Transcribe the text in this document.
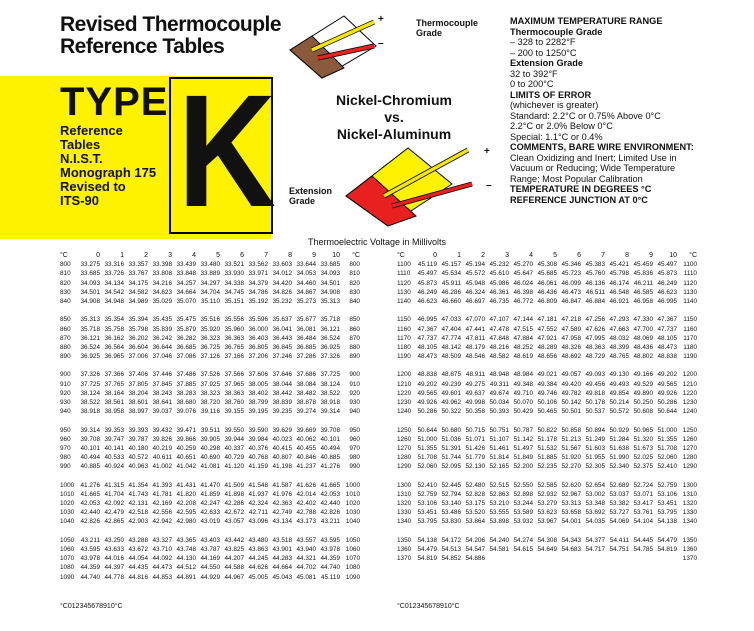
Revised Thermocouple
Reference Tables
TYPE
Reference
Tables
N.I.S.T.
Monograph 175
Revised to
ITS-90 K
+
–
Thermocouple
Grade
Nickel-Chromium
vs.
Nickel-Aluminum
+
–
Extension
Grade
MAXIMUM TEMPERATURE RANGE
Thermocouple Grade
– 328 to 2282°F
– 200 to 1250°C
Extension Grade
32 to 392°F
0 to 200°C
LIMITS OF ERROR
(whichever is greater)
Standard: 2.2°C or 0.75% Above 0°C
2.2°C or 2.0% Below 0°C
Special: 1.1°C or 0.4%
COMMENTS, BARE WIRE ENVIRONMENT:
Clean Oxidizing and Inert; Limited Use in
Vacuum or Reducing; Wide Temperature
Range; Most Popular Calibration
TEMPERATURE IN DEGREES °C
REFERENCE JUNCTION AT 0°C
Thermoelectric Voltage in Millivolts
°C	0	1	2	3	4	5	6	7	8	9	10	°C
800	33.275 33.316 33.357 33.398 33.439 33.480 33.521 33.562 33.603 33.644 33.685	800
810	33.685 33.726 33.767 33.808 33.848 33.889 33.930 33.971 34.012 34.053 34.093	810
820	34.093 34.134 34.175 34.216 34.257 34.297 34.338 34.379 34.420 34.460 34.501	820
830	34.501 34.542 34.582 34.623 34.664 34.704 34.745 34.786 34.826 34.867 34.908	830
840	34.908 34.948 34.989 35.029 35.070 35.110 35.151 35.192 35.232 35.273 35.313	840
850	35.313 35.354 35.394 35.435 35.475 35.516 35.556 35.596 35.637 35.677 35.718	850
860	35.718 35.758 35.798 35.839 35.879 35.920 35.960 36.000 36.041 36.081 36.121	860
870	36.121 36.162 36.202 36.242 36.282 36.323 36.363 36.403 36.443 36.484 36.524	870
880	36.524 36.564 36.604 36.644 36.685 36.725 36.765 36.805 36.845 36.885 36.925	880
890	36.925 36.965 37.006 37.046 37.086 37.126 37.166 37.206 37.246 37.286 37.326	890
900	37.326 37.366 37.406 37.446 37.486 37.526 37.566 37.606 37.646 37.686 37.725	900
910	37.725 37.765 37.805 37.845 37.885 37.925 37.965 38.005 38.044 38.084 38.124	910
920	38.124 38.164 38.204 38.243 38.283 38.323 38.363 38.402 38.442 38.482 38.522	920
930	38.522 38.561 38.601 38.641 38.680 38.720 38.760 38.799 38.839 38.878 38.918	930
940	38.918 38.958 38.997 39.037 39.076 39.116 39.155 39.195 39.235 39.274 39.314	940
950	39.314 39.353 39.393 39.432 39.471 39.511 39.550 39.590 39.629 39.669 39.708	950
960	39.708 39.747 39.787 39.826 39.866 39.905 39.944 39.984 40.023 40.062 40.101	960
970	40.101 40.141 40.180 40.219 40.259 40.298 40.337 40.376 40.415 40.455 40.494	970
980	40.494 40.533 40.572 40.611 40.651 40.690 40.729 40.768 40.807 40.846 40.885	980
990	40.885 40.924 40.963 41.002 41.042 41.081 41.120 41.159 41.198 41.237 41.276	990
1000 41.276 41.315 41.354 41.393 41.431 41.470 41.509 41.548 41.587 41.626 41.665 1000
1010 41.665 41.704 41.743 41.781 41.820 41.859 41.898 41.937 41.976 42.014 42.053 1010
1020 42.053 42.092 42.131 42.169 42.208 42.247 42.286 42.324 42.363 42.402 42.440 1020
1030 42.440 42.479 42.518 42.556 42.595 42.633 42.672 42.711 42.749 42.788 42.826 1030
1040 42.826 42.865 42.903 42.942 42.980 43.019 43.057 43.096 43.134 43.173 43.211 1040
1050	43.211 43.250 43.288 43.327 43.365 43.403 43.442 43.480 43.518 43.557 43.595 1050
1060 43.595 43.633 43.672 43.710 43.748 43.787 43.825 43.863 43.901 43.940 43.978 1060
1070 43.978 44.016 44.054 44.092 44.130 44.169 44.207 44.245 44.283 44.321 44.359 1070
1080 44.359 44.397 44.435 44.473 44.512 44.550 44.588 44.626 44.664 44.702 44.740 1080
1090 44.740 44.778 44.816 44.853 44.891 44.929 44.967 45.005 45.043 45.081 45.119 1090
°C	0	1	2	3	4	5	6	7	8	9	10	°C
1100	45.119 45.157 45.194 45.232 45.270 45.308 45.346 45.383 45.421 45.459 45.497 1100
1110	45.497 45.534 45.572 45.610 45.647 45.685 45.723 45.760 45.798 45.836 45.873	1110
1120	45.873 45.911 45.948 45.986 46.024 46.061 46.099 46.136 46.174 46.211 46.249 1120
1130	46.249 46.286 46.324 46.361 46.398 46.436 46.473 46.511 46.548 46.585 46.623 1130
1140	46.623 46.660 46.697 46.735 46.772 46.809 46.847 46.884 46.921 46.958 46.995 1140
1150	46.995 47.033 47.070 47.107 47.144 47.181 47.218 47.256 47.293 47.330 47.367 1150
1160	47.367 47.404 47.441 47.478 47.515 47.552 47.589 47.626 47.663 47.700 47.737 1160
1170	47.737 47.774 47.811 47.848 47.884 47.921 47.958 47.995 48.032 48.069 48.105 1170
1180	48.105 48.142 48.179 48.216 48.252 48.289 48.326 48.363 48.399 48.436 48.473 1180
1190	48.473 48.509 48.546 48.582 48.619 48.656 48.692 48.729 48.765 48.802 48.838 1190
1200 48.838 48.875 48.911 48.948 48.984 49.021 49.057 49.093 49.130 49.166 49.202 1200
1210 49.202 49.239 49.275 49.311 49.348 49.384 49.420 49.456 49.493 49.529 49.565 1210
1220 49.565 49.601 49.637 49.674 49.710 49.746 49.782 49.818 49.854 49.890 49.926 1220
1230 49.926 49.962 49.998 50.034 50.070 50.106 50.142 50.178 50.214 50.250 50.286 1230
1240 50.286 50.322 50.358 50.393 50.429 50.465 50.501 50.537 50.572 50.608 50.644 1240
1250 50.644 50.680 50.715 50.751 50.787 50.822 50.858 50.894 50.929 50.965 51.000 1250
1260 51.000 51.036 51.071 51.107 51.142 51.178 51.213 51.249 51.284 51.320 51.355 1260
1270 51.355 51.391 51.426 51.461 51.497 51.532 51.567 51.603 51.638 51.673 51.708 1270
1280 51.708 51.744 51.779 51.814 51.849 51.885 51.920 51.955 51.990 52.025 52.060 1280
1290 52.060 52.095 52.130 52.165 52.200 52.235 52.270 52.305 52.340 52.375 52.410 1290
1300 52.410 52.445 52.480 52.515 52.550 52.585 52.620 52.654 52.689 52.724 52.759 1300
1310 52.759 52.794 52.828 52.863 52.898 52.932 52.967 53.002 53.037 53.071 53.106 1310
1320 53.106 53.140 53.175 53.210 53.244 53.279 53.313 53.348 53.382 53.417 53.451 1320
1330 53.451 53.486 53.520 53.555 53.589 53.623 53.658 53.692 53.727 53.761 53.795 1330
1340 53.795 53.830 53.864 53.898 53.932 53.967 54.001 54.035 54.069 54.104 54.138 1340
1350 54.138 54.172 54.206 54.240 54.274 54.308 54.343 54.377 54.411 54.445 54.479 1350
1360 54.479 54.513 54.547 54.581 54.615 54.649 54.683 54.717 54.751 54.785 54.819 1360
1370 54.819 54.852 54.886	1370
°C 0 1 2 3 4 5 6 7 8 9 10 °C	°C 0 1 2 3 4 5 6 7 8 9 10 °C
